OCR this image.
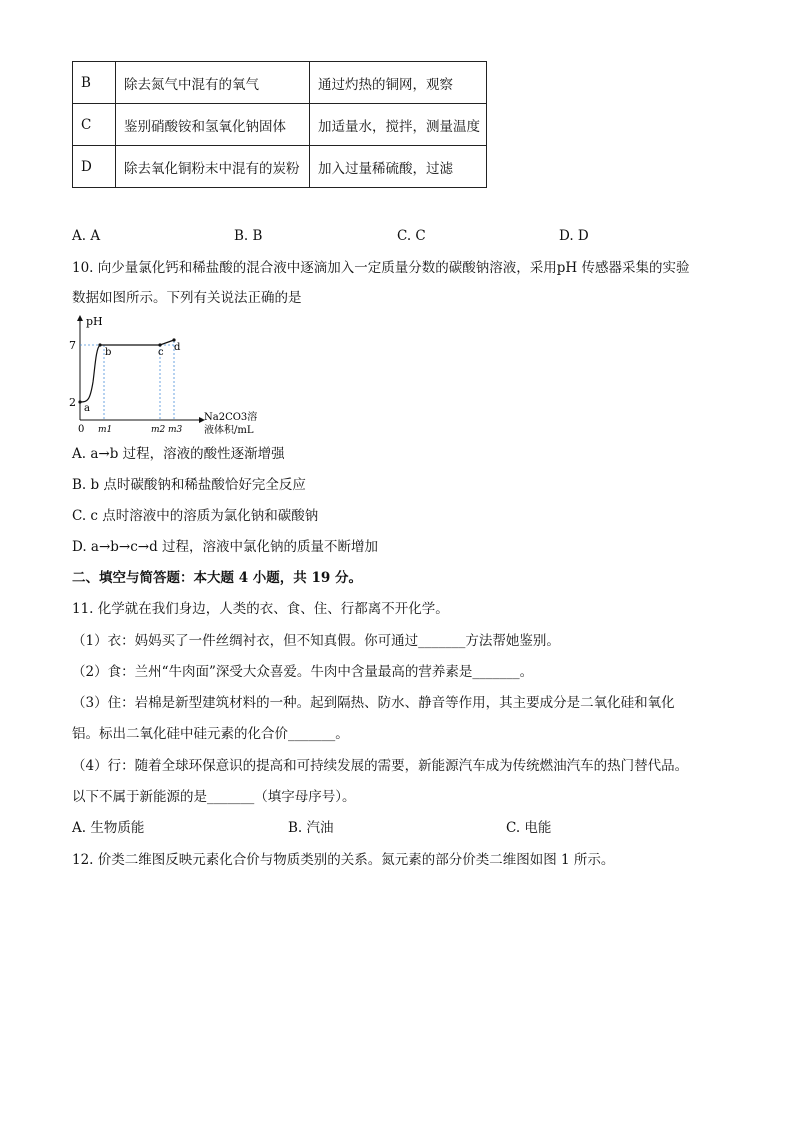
B	除去氮气中混有的氧气	通过灼热的铜网，观察
C	鉴别硝酸铵和氢氧化钠固体	加适量水，搅拌，测量温度
D	除去氧化铜粉末中混有的炭粉	加入过量稀硫酸，过滤
A. A	B. B	C. C	D. D
10. 向少量氯化钙和稀盐酸的混合液中逐滴加入一定质量分数的碳酸钠溶液，采用pH 传感器采集的实验
数据如图所示。下列有关说法正确的是
pH
7
2 a
b	c d
0 m1	m2 m3
Na2CO3溶
液体积/mL
A. a→b 过程，溶液的酸性逐渐增强
B. b 点时碳酸钠和稀盐酸恰好完全反应
C. c 点时溶液中的溶质为氯化钠和碳酸钠
D. a→b→c→d 过程，溶液中氯化钠的质量不断增加
二、填空与简答题：本大题 4 小题，共 19 分。
11. 化学就在我们身边，人类的衣、食、住、行都离不开化学。
（1）衣：妈妈买了一件丝绸衬衣，但不知真假。你可通过_______方法帮她鉴别。
（2）食：兰州“牛肉面”深受大众喜爱。牛肉中含量最高的营养素是_______。
（3）住：岩棉是新型建筑材料的一种。起到隔热、防水、静音等作用，其主要成分是二氧化硅和氧化
铝。标出二氧化硅中硅元素的化合价_______。
（4）行：随着全球环保意识的提高和可持续发展的需要，新能源汽车成为传统燃油汽车的热门替代品。
以下不属于新能源的是_______（填字母序号）。
A. 生物质能	B. 汽油	C. 电能
12. 价类二维图反映元素化合价与物质类别的关系。氮元素的部分价类二维图如图 1 所示。
